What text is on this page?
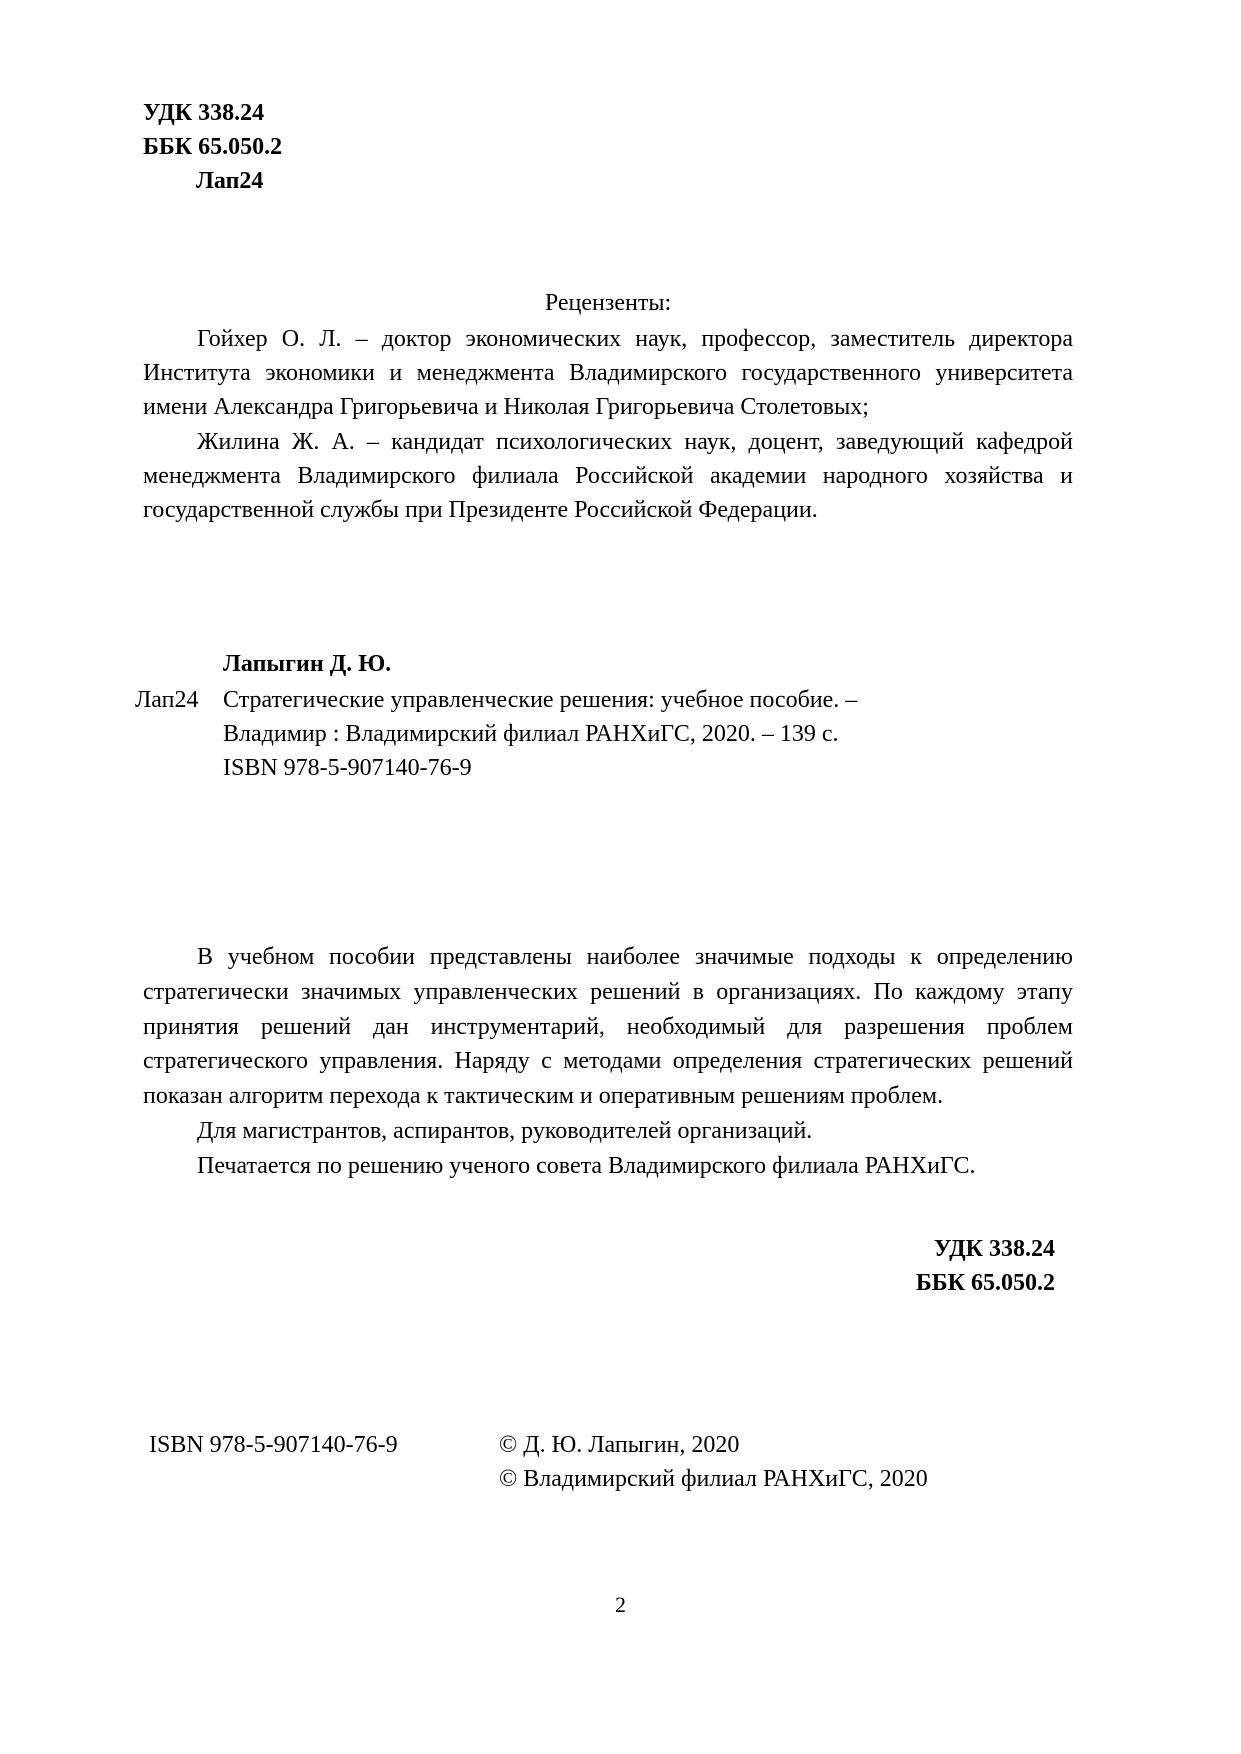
УДК 338.24
ББК 65.050.2
Лап24
Рецензенты:

Гойхер О. Л. – доктор экономических наук, профессор, заместитель директора Института экономики и менеджмента Владимирского государственного университета имени Александра Григорьевича и Николая Григорьевича Столетовых;

Жилина Ж. А. – кандидат психологических наук, доцент, заведующий кафедрой менеджмента Владимирского филиала Российской академии народного хозяйства и государственной службы при Президенте Российской Федерации.

Лапыгин Д. Ю.
Лап24	Стратегические управленческие решения: учебное пособие. –

Владимир : Владимирский филиал РАНХиГС, 2020. – 139 с.

ISBN 978-5-907140-76-9

В учебном пособии представлены наиболее значимые подходы к определению стратегически значимых управленческих решений в организациях. По каждому этапу принятия решений дан инструментарий, необходимый для разрешения проблем стратегического управления. Наряду с методами определения стратегических решений показан алгоритм перехода к тактическим и оперативным решениям проблем.

Для магистрантов, аспирантов, руководителей организаций.

Печатается по решению ученого совета Владимирского филиала РАНХиГС.

УДК 338.24
ББК 65.050.2
ISBN 978-5-907140-76-9	© Д. Ю. Лапыгин, 2020

© Владимирский филиал РАНХиГС, 2020

2
